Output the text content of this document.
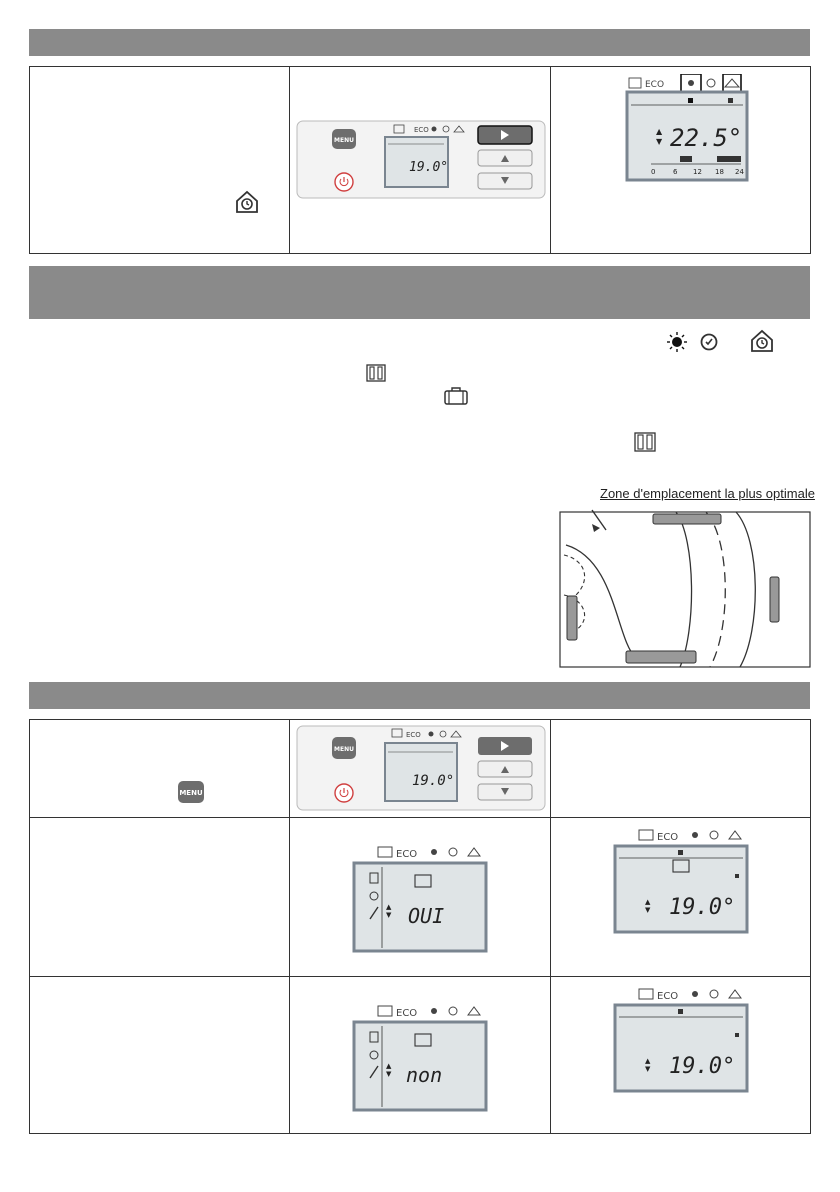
MENU
ECO
19.0°
ECO
▲
▼ 22.5°
0	6 12 18 24
Zone d'emplacement la plus optimale
MENU
MENU
ECO
19.0°
ECO
▲
▼ OUI
ECO
▲
▼ 19.0°
ECO
▲
▼ non
ECO
▲
▼ 19.0°
